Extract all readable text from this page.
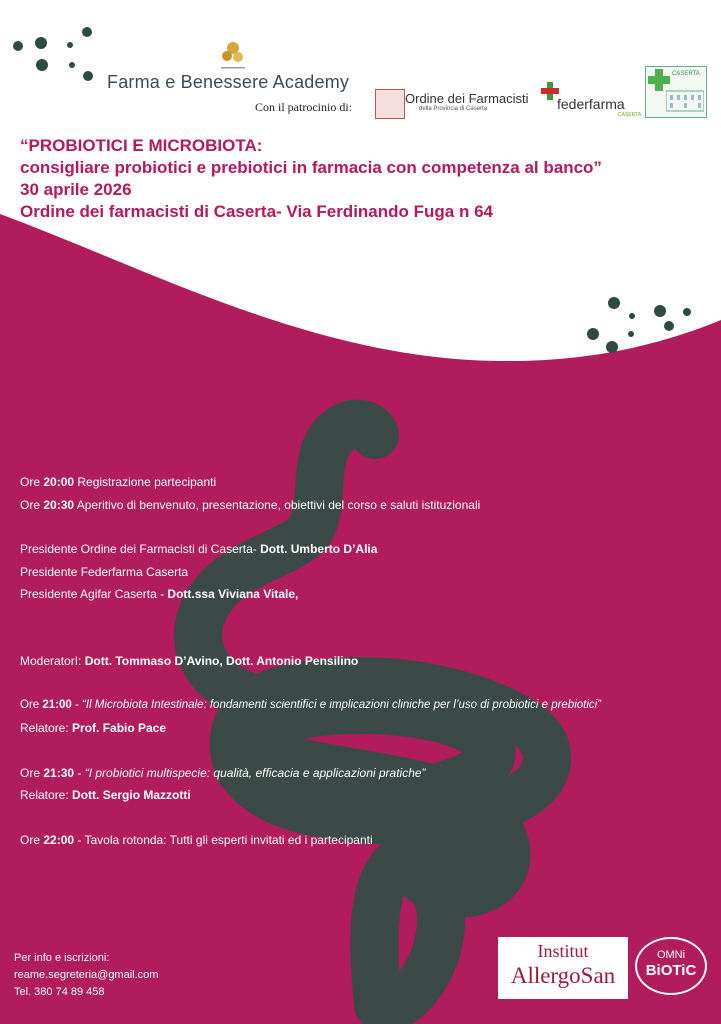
Farma e Benessere Academy
Con il patrocinio di:
Ordine dei Farmacisti
della Provincia di Caserta	federfarma
CASERTA
CASERTA
“PROBIOTICI E MICROBIOTA:
consigliare probiotici e prebiotici in farmacia con competenza al banco”
30 aprile 2026
Ordine dei farmacisti di Caserta- Via Ferdinando Fuga n 64
Ore 20:00 Registrazione partecipanti
Ore 20:30 Aperitivo di benvenuto, presentazione, obiettivi del corso e saluti istituzionali
Presidente Ordine dei Farmacisti di Caserta- Dott. Umberto D’Alia
Presidente Federfarma Caserta
Presidente Agifar Caserta - Dott.ssa Viviana Vitale,
ModeratorI: Dott. Tommaso D’Avino, Dott. Antonio Pensilino
Ore 21:00 - “Il Microbiota Intestinale: fondamenti scientifici e implicazioni cliniche per l’uso di probiotici e prebiotici”
Relatore: Prof. Fabio Pace
Ore 21:30 - “I probiotici multispecie: qualità, efficacia e applicazioni pratiche”
Relatore: Dott. Sergio Mazzotti
Ore 22:00 - Tavola rotonda: Tutti gli esperti invitati ed i partecipanti
Per info e iscrizioni:
reame.segreteria@gmail.com
Tel. 380 74 89 458
Institut
AllergoSan
OMNi
BiOTiC
